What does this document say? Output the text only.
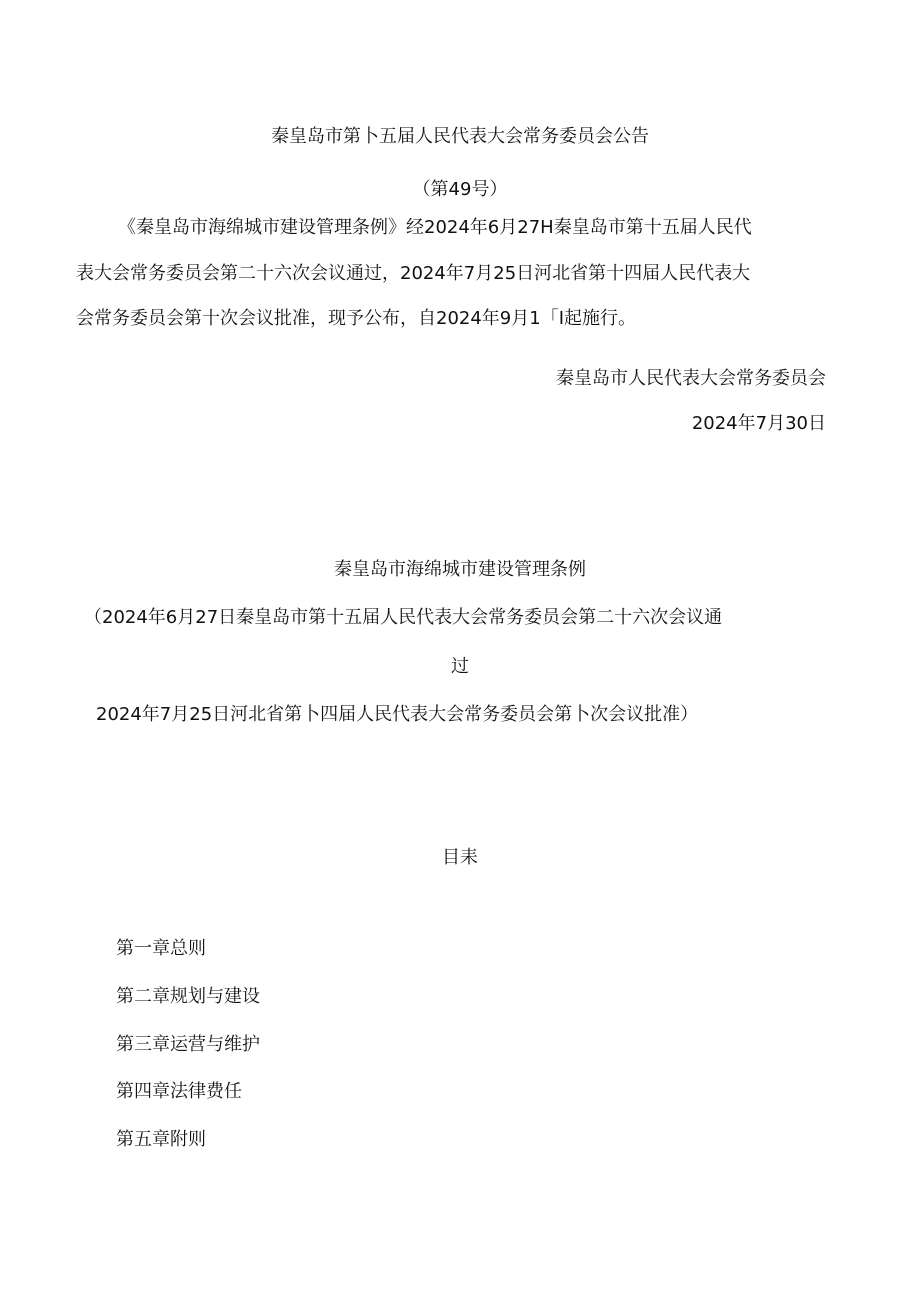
秦皇岛市第卜五届人民代表大会常务委员会公告

（第49号）

《秦皇岛市海绵城市建设管理条例》经2024年6月27H秦皇岛市第十五届人民代

表大会常务委员会第二十六次会议通过，2024年7月25日河北省第十四届人民代表大

会常务委员会第十次会议批准，现予公布，自2024年9月1「I起施行。

秦皇岛市人民代表大会常务委员会

2024年7月30日

秦皇岛市海绵城市建设管理条例

（2024年6月27日秦皇岛市第十五届人民代表大会常务委员会第二十六次会议通

过

2024年7月25日河北省第卜四届人民代表大会常务委员会第卜次会议批准）

目耒

第一章总则

第二章规划与建设

第三章运营与维护

第四章法律费任

第五章附则
